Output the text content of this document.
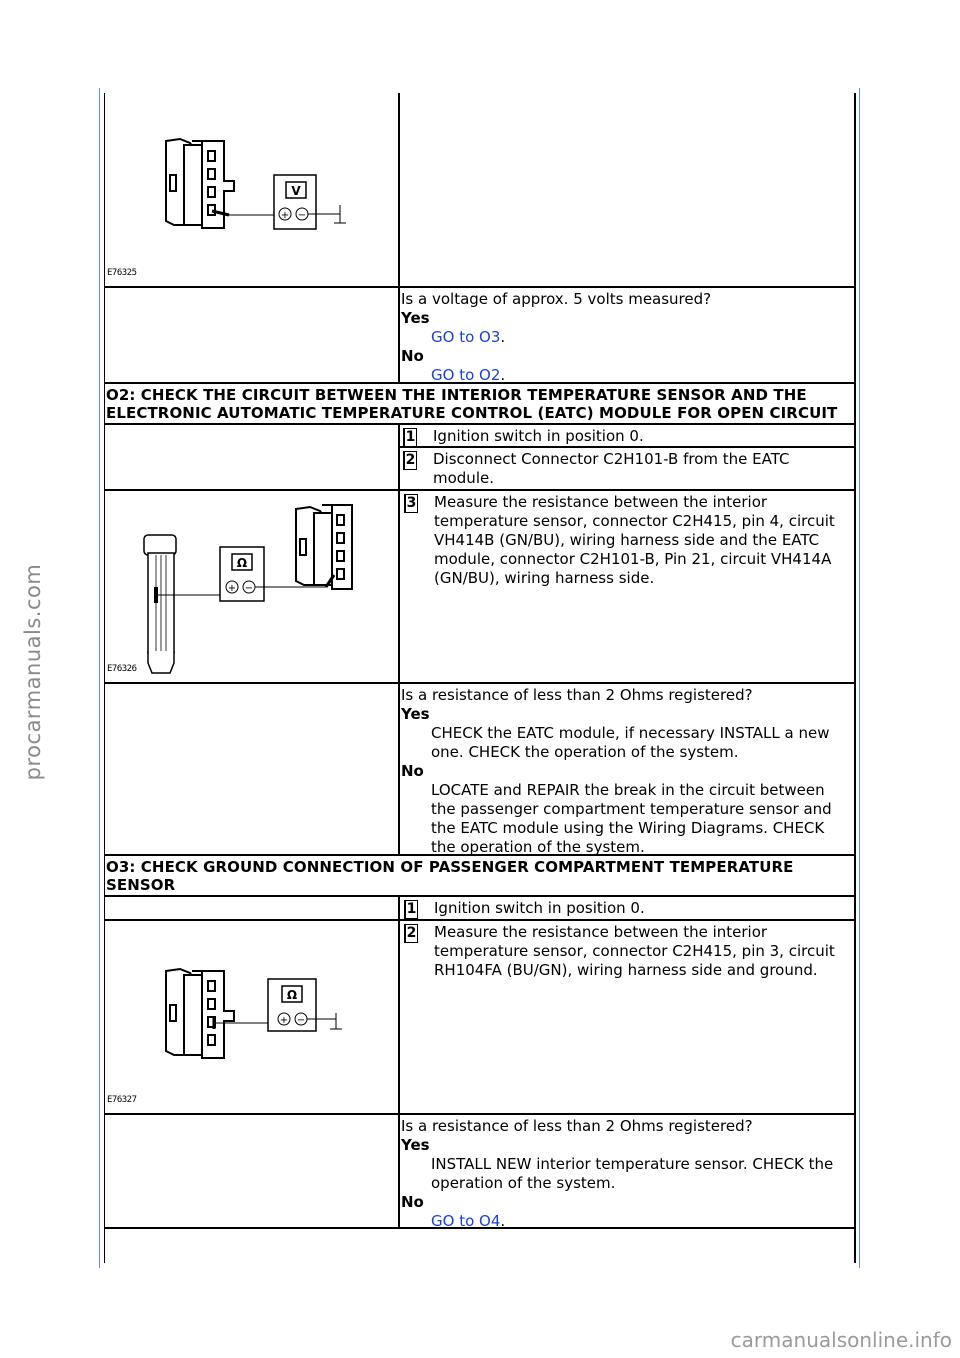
procarmanuals.com
carmanualsonline.info
V
+ −
E76325
Is a voltage of approx. 5 volts measured?
Yes
GO to O3.
No
GO to O2.
O2: CHECK THE CIRCUIT BETWEEN THE INTERIOR TEMPERATURE SENSOR AND THE ELECTRONIC AUTOMATIC TEMPERATURE CONTROL (EATC) MODULE FOR OPEN CIRCUIT
1 Ignition switch in position 0.
2 Disconnect Connector C2H101-B from the EATC module.
Ω
+ −
E76326
3 Measure the resistance between the interior temperature sensor, connector C2H415, pin 4, circuit VH414B (GN/BU), wiring harness side and the EATC module, connector C2H101-B, Pin 21, circuit VH414A (GN/BU), wiring harness side.
Is a resistance of less than 2 Ohms registered?
Yes
CHECK the EATC module, if necessary INSTALL a new one. CHECK the operation of the system.
No
LOCATE and REPAIR the break in the circuit between the passenger compartment temperature sensor and the EATC module using the Wiring Diagrams. CHECK the operation of the system.
O3: CHECK GROUND CONNECTION OF PASSENGER COMPARTMENT TEMPERATURE SENSOR
1 Ignition switch in position 0.
Ω
+ −
E76327
2 Measure the resistance between the interior temperature sensor, connector C2H415, pin 3, circuit RH104FA (BU/GN), wiring harness side and ground.
Is a resistance of less than 2 Ohms registered?
Yes
INSTALL NEW interior temperature sensor. CHECK the operation of the system.
No
GO to O4.
